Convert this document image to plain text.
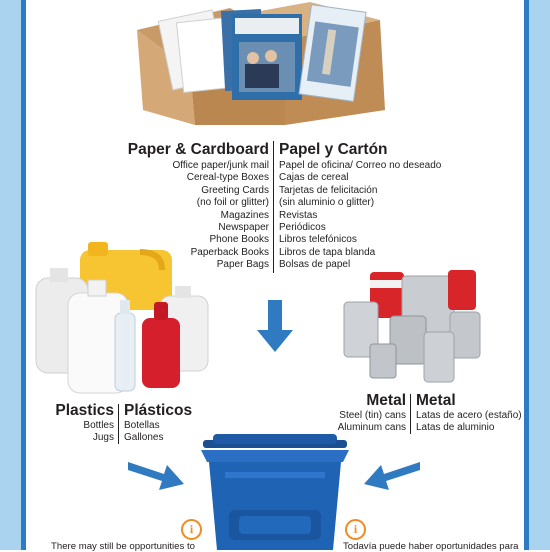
Paper & Cardboard Papel y Cartón
Office paper/junk mail
Cereal-type Boxes
Greeting Cards
(no foil or glitter)
Magazines
Newspaper
Phone Books
Paperback Books
Paper Bags
Papel de oficina/ Correo no deseado
Cajas de cereal
Tarjetas de felicitación
(sin aluminio o glitter)
Revistas
Periódicos
Libros telefónicos
Libros de tapa blanda
Bolsas de papel
Plastics Plásticos
Bottles
Jugs
Botellas
Gallones
Metal Metal
Steel (tin) cans
Aluminum cans
Latas de acero (estaño)
Latas de aluminio
i
There may still be opportunities to
i
Todavía puede haber oportunidades para
